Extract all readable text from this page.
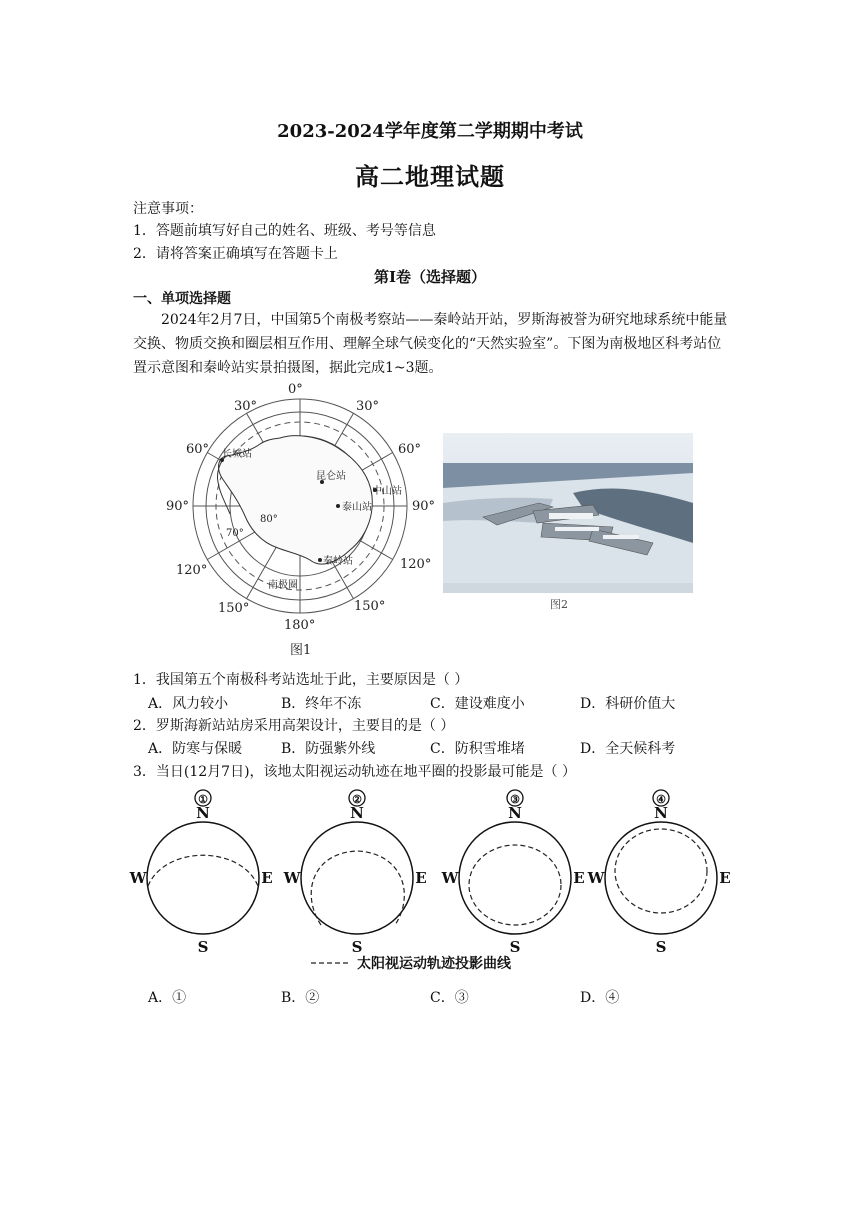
2023-2024学年度第二学期期中考试
高二地理试题
注意事项：
1．答题前填写好自己的姓名、班级、考号等信息
2．请将答案正确填写在答题卡上
第Ⅰ卷（选择题）
一、单项选择题
2024年2月7日，中国第5个南极考察站——秦岭站开站，罗斯海被誉为研究地球系统中能量交换、物质交换和圈层相互作用、理解全球气候变化的“天然实验室”。下图为南极地区科考站位置示意图和秦岭站实景拍摄图，据此完成1~3题。
0°
30°	30°
60°	60°
90°	90°
120°	120°
150°	150°
180°
70°
80°
长城站
昆仑站
中山站
泰山站
秦岭站
南极圈
图1
图2
1．我国第五个南极科考站选址于此，主要原因是（ ）
A．风力较小	B．终年不冻	C．建设难度小	D．科研价值大
2．罗斯海新站站房采用高架设计，主要目的是（ ）
A．防寒与保暖	B．防强紫外线	C．防积雪堆堵	D．全天候科考
3．当日(12月7日)，该地太阳视运动轨迹在地平圈的投影最可能是（ ）
①
N
S
W	E
②
N
S
W	E
③
N
S
W	E
④
N
S
W	E
太阳视运动轨迹投影曲线
A．①	B．②	C．③	D．④
